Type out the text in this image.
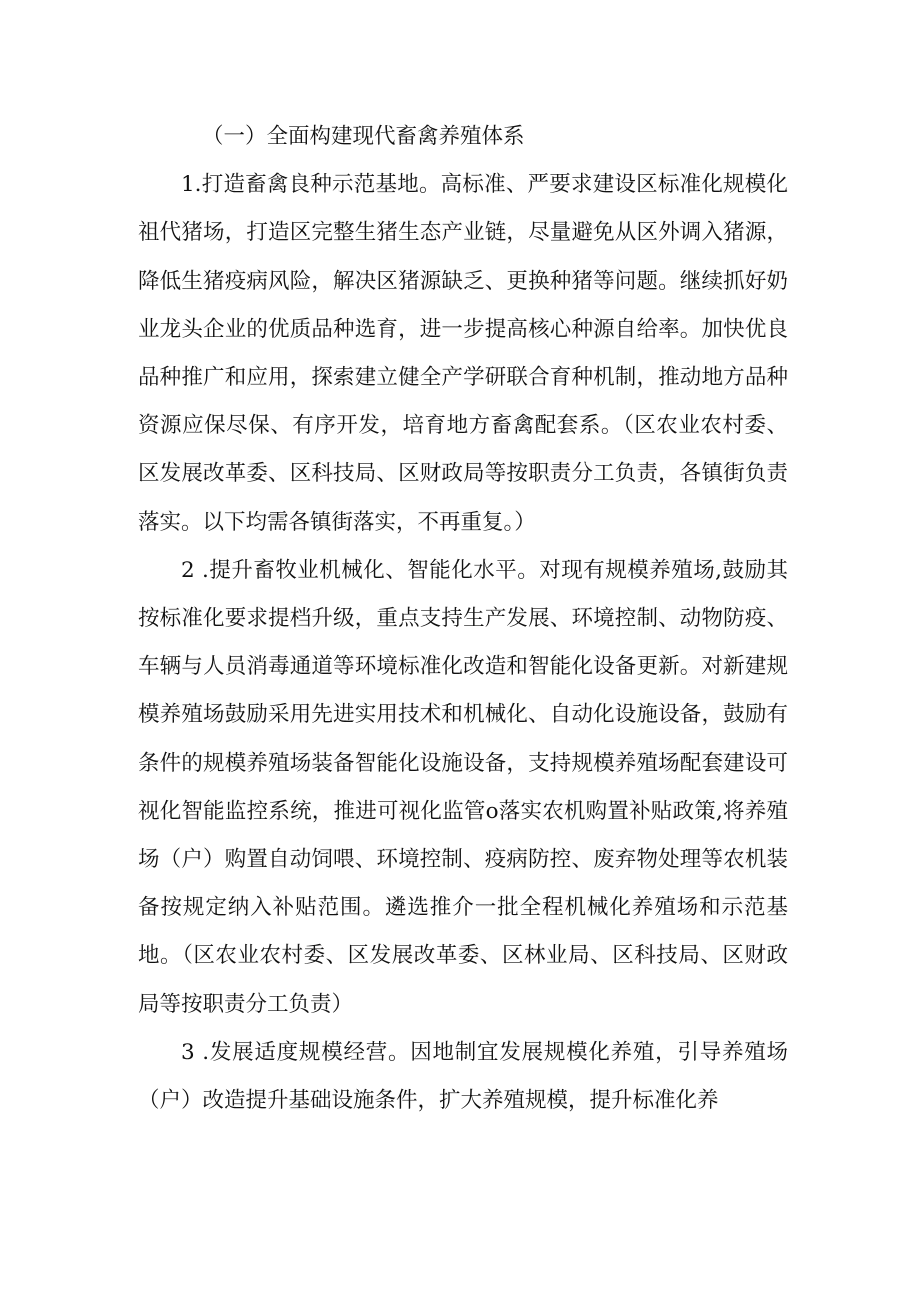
（一）全面构建现代畜禽养殖体系

1.打造畜禽良种示范基地。高标准、严要求建设区标准化规模化祖代猪场，打造区完整生猪生态产业链，尽量避免从区外调入猪源，降低生猪疫病风险，解决区猪源缺乏、更换种猪等问题。继续抓好奶业龙头企业的优质品种选育，进一步提高核心种源自给率。加快优良品种推广和应用，探索建立健全产学研联合育种机制，推动地方品种资源应保尽保、有序开发，培育地方畜禽配套系。（区农业农村委、区发展改革委、区科技局、区财政局等按职责分工负责，各镇街负责落实。以下均需各镇街落实，不再重复。）

2 .提升畜牧业机械化、智能化水平。对现有规模养殖场,鼓励其按标准化要求提档升级，重点支持生产发展、环境控制、动物防疫、车辆与人员消毒通道等环境标准化改造和智能化设备更新。对新建规模养殖场鼓励采用先进实用技术和机械化、自动化设施设备，鼓励有条件的规模养殖场装备智能化设施设备，支持规模养殖场配套建设可视化智能监控系统，推进可视化监管o落实农机购置补贴政策,将养殖场（户）购置自动饲喂、环境控制、疫病防控、废弃物处理等农机装备按规定纳入补贴范围。遴选推介一批全程机械化养殖场和示范基地。（区农业农村委、区发展改革委、区林业局、区科技局、区财政局等按职责分工负责）

3 .发展适度规模经营。因地制宜发展规模化养殖，引导养殖场（户）改造提升基础设施条件，扩大养殖规模，提升标准化养
